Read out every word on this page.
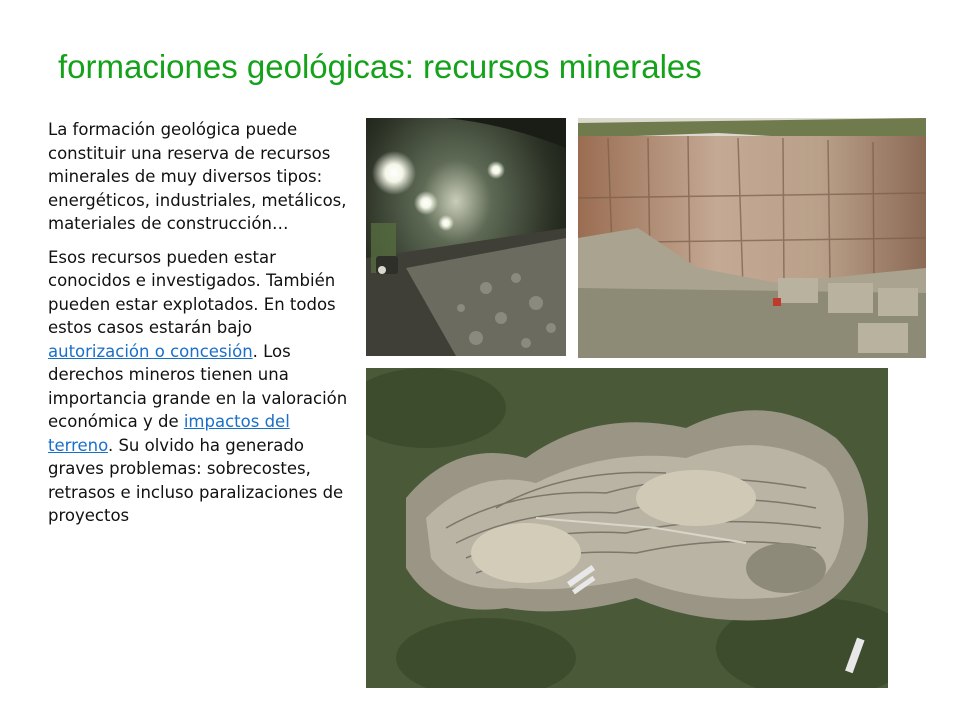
formaciones geológicas: recursos minerales

La formación geológica puede constituir una reserva de recursos minerales de muy diversos tipos: energéticos, industriales, metálicos, materiales de construcción…

Esos recursos pueden estar conocidos e investigados. También pueden estar explotados. En todos estos casos estarán bajo autorización o concesión. Los derechos mineros tienen una importancia grande en la valoración económica y de impactos del terreno. Su olvido ha generado graves problemas: sobrecostes, retrasos e incluso paralizaciones de proyectos
